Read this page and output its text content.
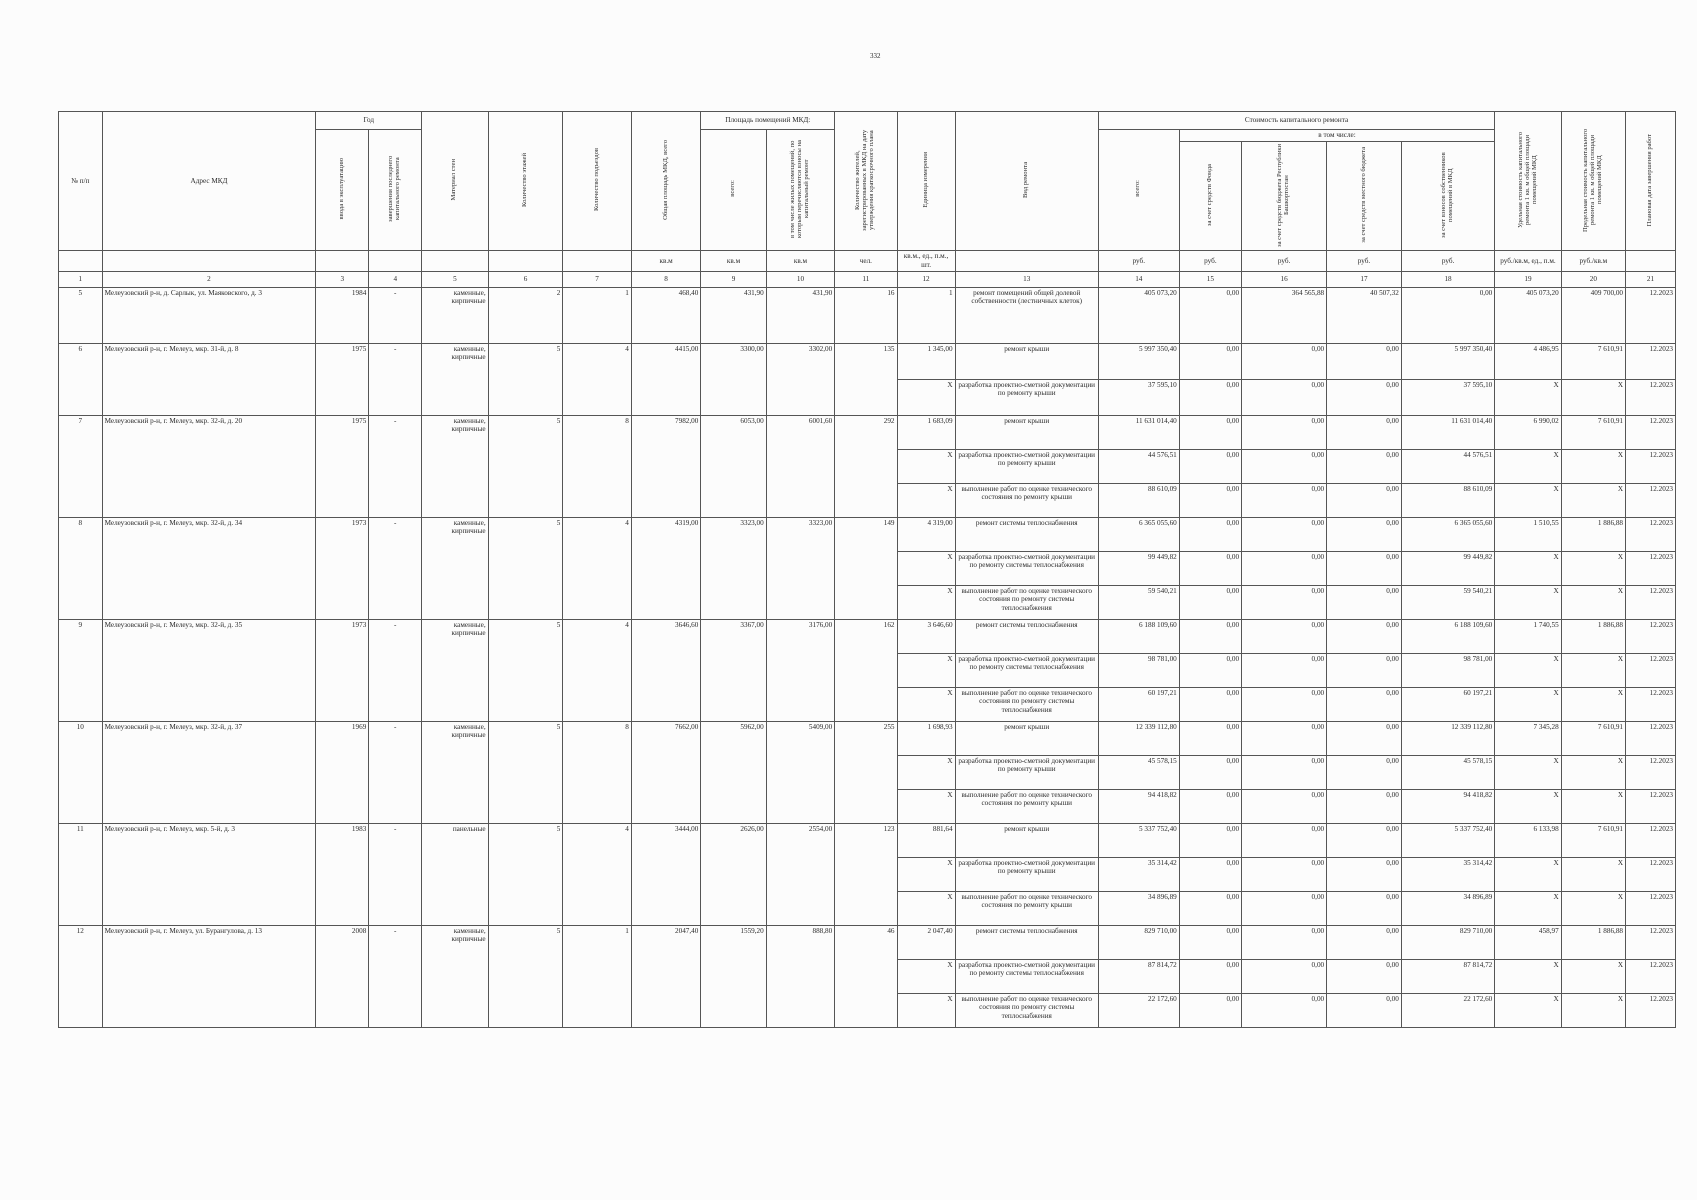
332
№ п/п	Адрес МКД	Год		Материал стен	Количество этажей	Количество подъездов	Общая площадь МКД, всего	Площадь помещений МКД:		Количество жителей, зарегистрированных в МКД на дату утверждения краткосрочного плана	Единица измерения	Вид ремонта	Стоимость капитального ремонта					Удельная стоимость капитального ремонта 1 кв. м общей площади помещений МКД	Предельная стоимость капитального ремонта 1 кв. м общей площади помещений МКД	Плановая дата завершения работ
		ввода в эксплуатацию	завершения последнего капитального ремонта					всего:	в том числе жилых помещений, по которым перечисляются взносы на капитальный ремонт				всего:	в том числе:						
														за счет средств Фонда	за счет средств бюджета Республики Башкортостан	за счет средств местного бюджета	за счет взносов собственников помещений в МКД			
							кв.м	кв.м	кв.м	чел.	кв.м., ед., п.м., шт.		руб.	руб.	руб.	руб.	руб.	руб./кв.м, ед., п.м.	руб./кв.м	
1	2	3	4	5	6	7	8	9	10	11	12	13	14	15	16	17	18	19	20	21
5	Мелеузовский р-н, д. Сарлык, ул. Маяковского, д. 3	1984	-	каменные, кирпичные	2	1	468,40	431,90	431,90	16	1	ремонт помещений общей долевой собственности (лестничных клеток)	405 073,20	0,00	364 565,88	40 507,32	0,00	405 073,20	409 700,00	12.2023
6	Мелеузовский р-н, г. Мелеуз, мкр. 31-й, д. 8	1975	-	каменные, кирпичные	5	4	4415,00	3300,00	3302,00	135	1 345,00	ремонт крыши	5 997 350,40	0,00	0,00	0,00	5 997 350,40	4 486,95	7 610,91	12.2023
											X	разработка проектно-сметной документации по ремонту крыши	37 595,10	0,00	0,00	0,00	37 595,10	X	X	12.2023
7	Мелеузовский р-н, г. Мелеуз, мкр. 32-й, д. 20	1975	-	каменные, кирпичные	5	8	7982,00	6053,00	6001,60	292	1 683,09	ремонт крыши	11 631 014,40	0,00	0,00	0,00	11 631 014,40	6 990,02	7 610,91	12.2023
											X	разработка проектно-сметной документации по ремонту крыши	44 576,51	0,00	0,00	0,00	44 576,51	X	X	12.2023
											X	выполнение работ по оценке технического состояния по ремонту крыши	88 610,09	0,00	0,00	0,00	88 610,09	X	X	12.2023
8	Мелеузовский р-н, г. Мелеуз, мкр. 32-й, д. 34	1973	-	каменные, кирпичные	5	4	4319,00	3323,00	3323,00	149	4 319,00	ремонт системы теплоснабжения	6 365 055,60	0,00	0,00	0,00	6 365 055,60	1 510,55	1 886,88	12.2023
											X	разработка проектно-сметной документации по ремонту системы теплоснабжения	99 449,82	0,00	0,00	0,00	99 449,82	X	X	12.2023
											X	выполнение работ по оценке технического состояния по ремонту системы теплоснабжения	59 540,21	0,00	0,00	0,00	59 540,21	X	X	12.2023
9	Мелеузовский р-н, г. Мелеуз, мкр. 32-й, д. 35	1973	-	каменные, кирпичные	5	4	3646,60	3367,00	3176,00	162	3 646,60	ремонт системы теплоснабжения	6 188 109,60	0,00	0,00	0,00	6 188 109,60	1 740,55	1 886,88	12.2023
											X	разработка проектно-сметной документации по ремонту системы теплоснабжения	98 781,00	0,00	0,00	0,00	98 781,00	X	X	12.2023
											X	выполнение работ по оценке технического состояния по ремонту системы теплоснабжения	60 197,21	0,00	0,00	0,00	60 197,21	X	X	12.2023
10	Мелеузовский р-н, г. Мелеуз, мкр. 32-й, д. 37	1969	-	каменные, кирпичные	5	8	7662,00	5962,00	5409,00	255	1 698,93	ремонт крыши	12 339 112,80	0,00	0,00	0,00	12 339 112,80	7 345,28	7 610,91	12.2023
											X	разработка проектно-сметной документации по ремонту крыши	45 578,15	0,00	0,00	0,00	45 578,15	X	X	12.2023
											X	выполнение работ по оценке технического состояния по ремонту крыши	94 418,82	0,00	0,00	0,00	94 418,82	X	X	12.2023
11	Мелеузовский р-н, г. Мелеуз, мкр. 5-й, д. 3	1983	-	панельные	5	4	3444,00	2626,00	2554,00	123	881,64	ремонт крыши	5 337 752,40	0,00	0,00	0,00	5 337 752,40	6 133,98	7 610,91	12.2023
											X	разработка проектно-сметной документации по ремонту крыши	35 314,42	0,00	0,00	0,00	35 314,42	X	X	12.2023
											X	выполнение работ по оценке технического состояния по ремонту крыши	34 896,89	0,00	0,00	0,00	34 896,89	X	X	12.2023
12	Мелеузовский р-н, г. Мелеуз, ул. Бурангулова, д. 13	2008	-	каменные, кирпичные	5	1	2047,40	1559,20	888,80	46	2 047,40	ремонт системы теплоснабжения	829 710,00	0,00	0,00	0,00	829 710,00	458,97	1 886,88	12.2023
											X	разработка проектно-сметной документации по ремонту системы теплоснабжения	87 814,72	0,00	0,00	0,00	87 814,72	X	X	12.2023
											X	выполнение работ по оценке технического состояния по ремонту системы теплоснабжения	22 172,60	0,00	0,00	0,00	22 172,60	X	X	12.2023
